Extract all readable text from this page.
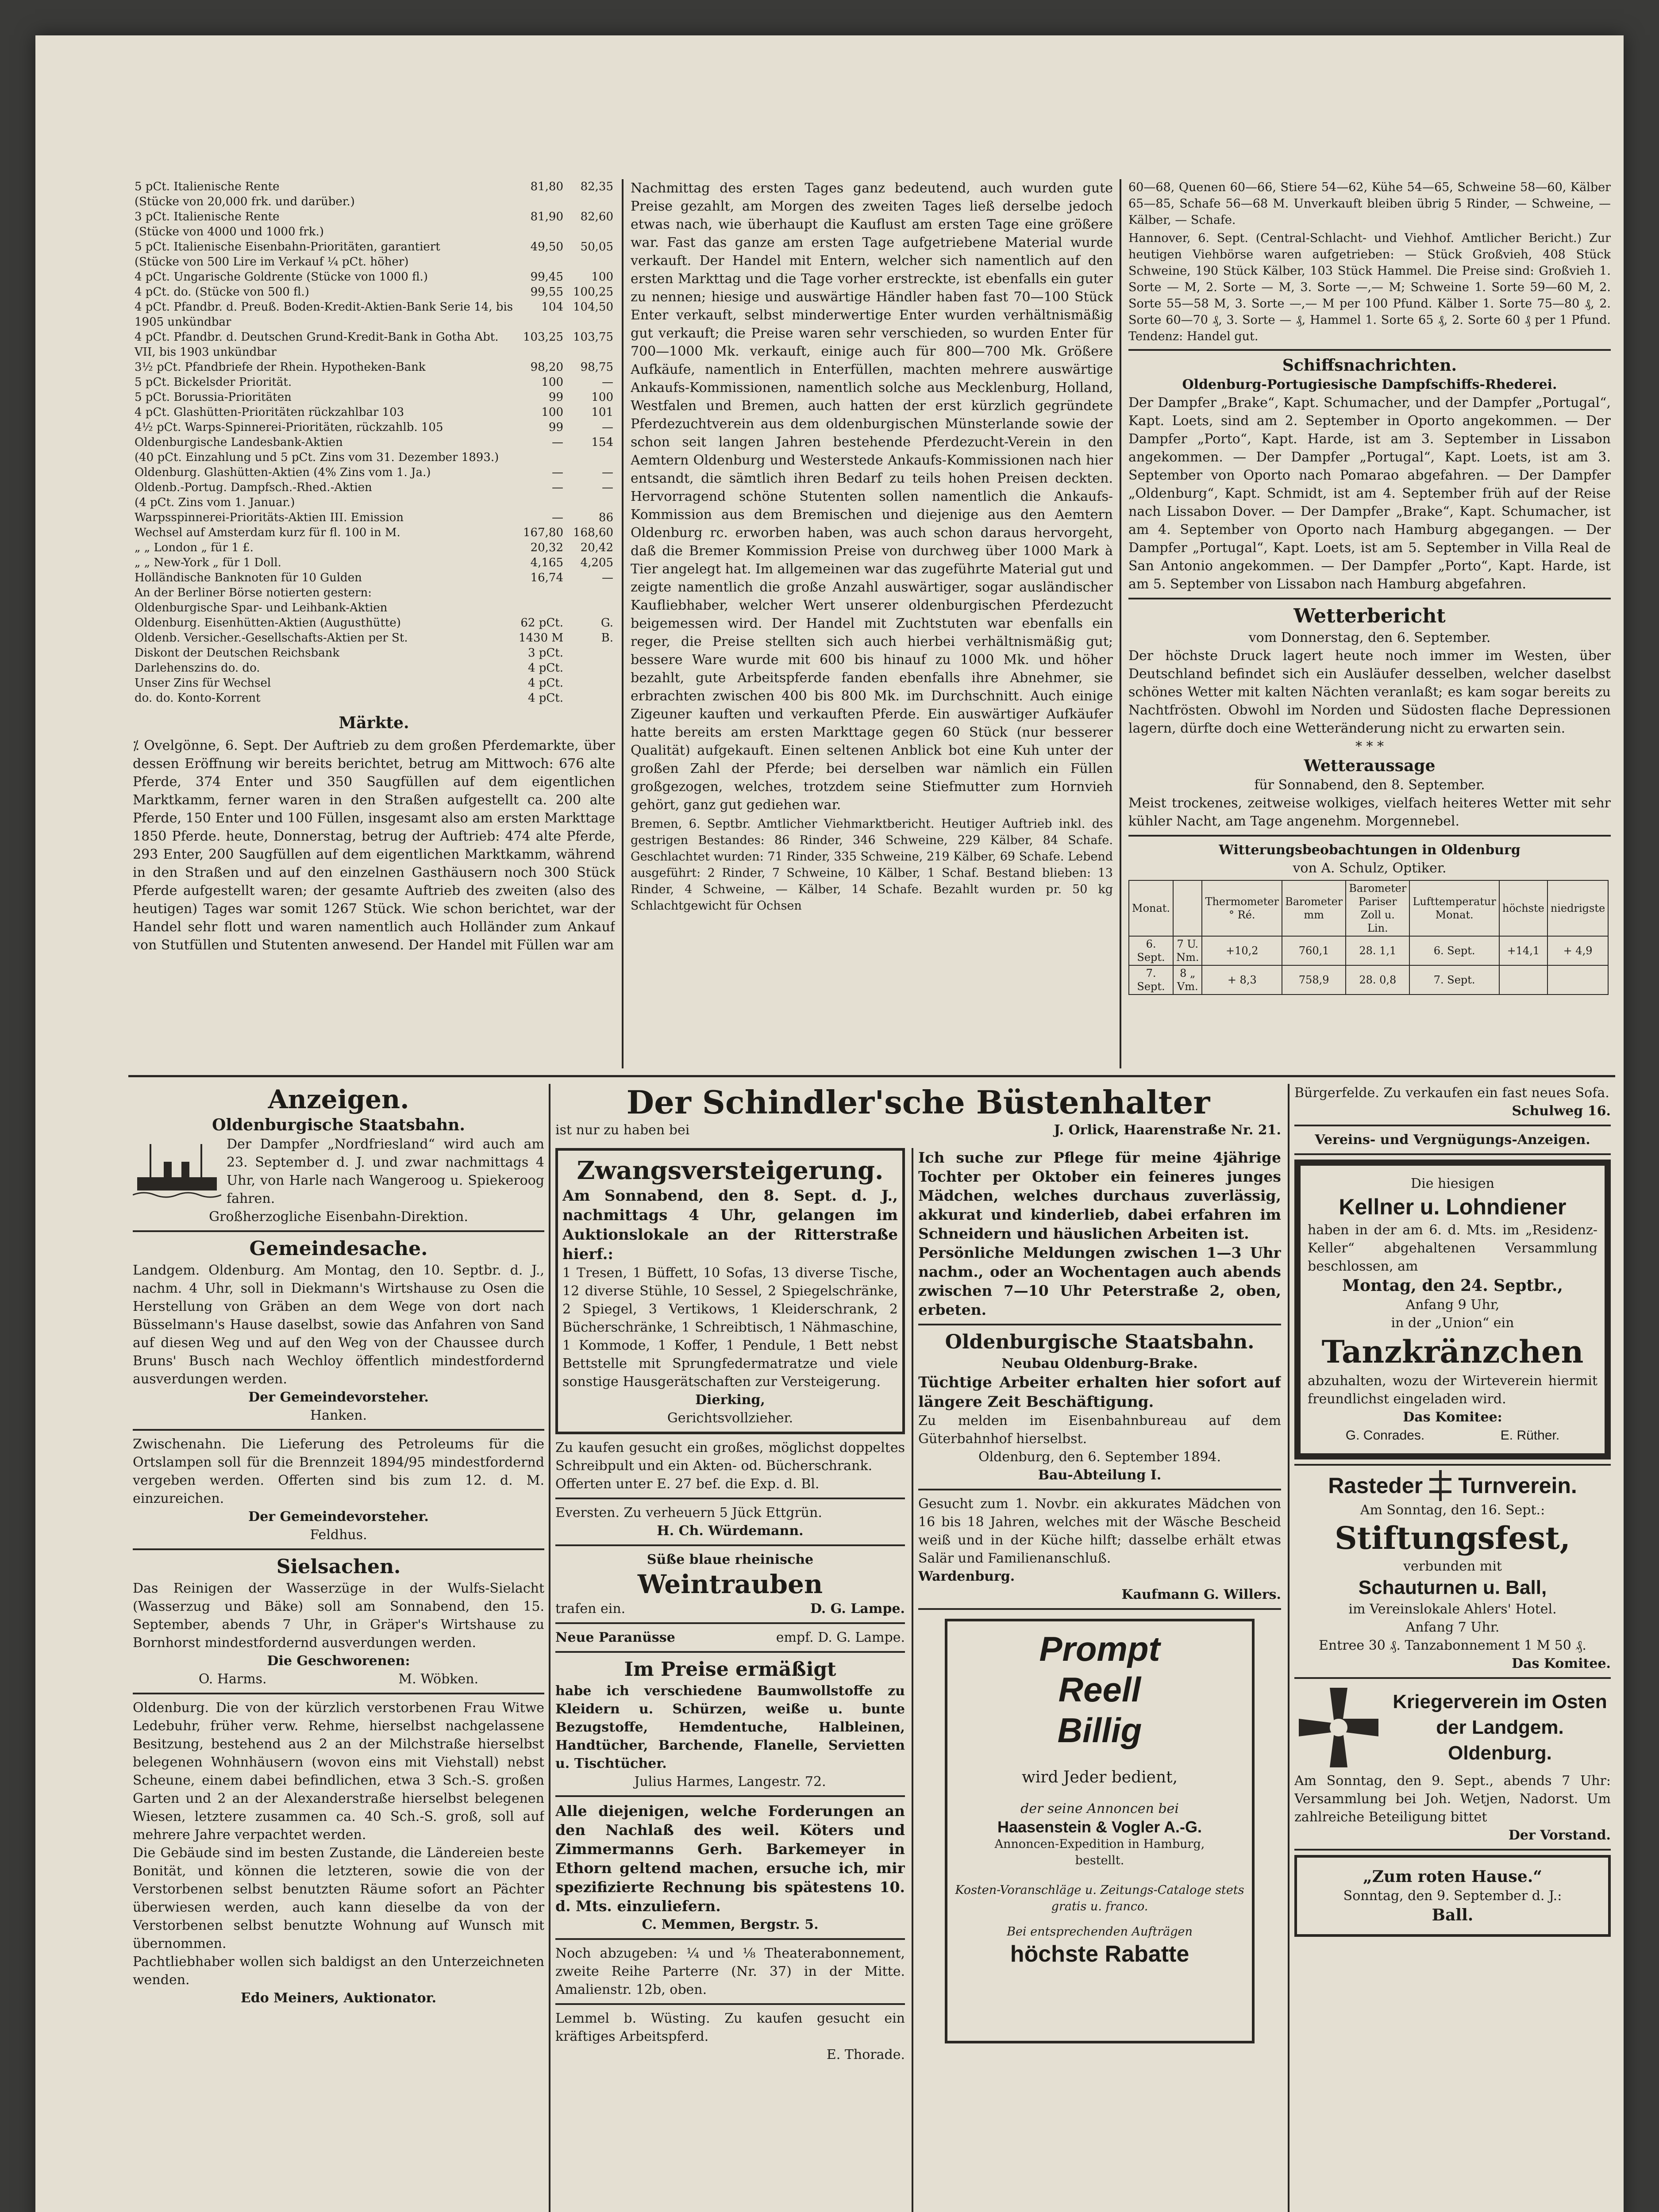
5 pCt. Italienische Rente	81,80	82,35
(Stücke von 20,000 frk. und darüber.)		
3 pCt. Italienische Rente	81,90	82,60
(Stücke von 4000 und 1000 frk.)		
5 pCt. Italienische Eisenbahn-Prioritäten, garantiert	49,50	50,05
(Stücke von 500 Lire im Verkauf ¼ pCt. höher)		
4 pCt. Ungarische Goldrente (Stücke von 1000 fl.)	99,45	100
4 pCt. do. (Stücke von 500 fl.)	99,55	100,25
4 pCt. Pfandbr. d. Preuß. Boden-Kredit-Aktien-Bank Serie 14, bis 1905 unkündbar	104	104,50
4 pCt. Pfandbr. d. Deutschen Grund-Kredit-Bank in Gotha Abt. VII, bis 1903 unkündbar	103,25	103,75
3½ pCt. Pfandbriefe der Rhein. Hypotheken-Bank	98,20	98,75
5 pCt. Bickelsder Priorität.	100	—
5 pCt. Borussia-Prioritäten	99	100
4 pCt. Glashütten-Prioritäten rückzahlbar 103	100	101
4½ pCt. Warps-Spinnerei-Prioritäten, rückzahlb. 105	99	—
Oldenburgische Landesbank-Aktien	—	154
(40 pCt. Einzahlung und 5 pCt. Zins vom 31. Dezember 1893.)		
Oldenburg. Glashütten-Aktien (4% Zins vom 1. Ja.)	—	—
Oldenb.-Portug. Dampfsch.-Rhed.-Aktien	—	—
(4 pCt. Zins vom 1. Januar.)		
Warpsspinnerei-Prioritäts-Aktien III. Emission	—	86
Wechsel auf Amsterdam kurz für fl. 100 in M.	167,80	168,60
„ „ London „ für 1 £.	20,32	20,42
„ „ New-York „ für 1 Doll.	4,165	4,205
Holländische Banknoten für 10 Gulden	16,74	—
An der Berliner Börse notierten gestern:		
Oldenburgische Spar- und Leihbank-Aktien		
Oldenburg. Eisenhütten-Aktien (Augusthütte)	62 pCt.	G.
Oldenb. Versicher.-Gesellschafts-Aktien per St.	1430 M	B.
Diskont der Deutschen Reichsbank	3 pCt.	
Darlehenszins do. do.	4 pCt.	
Unser Zins für Wechsel	4 pCt.	
do. do. Konto-Korrent	4 pCt.	

Märkte.

⁒ Ovelgönne, 6. Sept. Der Auftrieb zu dem großen Pferdemarkte, über dessen Eröffnung wir bereits berichtet, betrug am Mittwoch: 676 alte Pferde, 374 Enter und 350 Saugfüllen auf dem eigentlichen Marktkamm, ferner waren in den Straßen aufgestellt ca. 200 alte Pferde, 150 Enter und 100 Füllen, insgesamt also am ersten Markttage 1850 Pferde. heute, Donnerstag, betrug der Auftrieb: 474 alte Pferde, 293 Enter, 200 Saugfüllen auf dem eigentlichen Marktkamm, während in den Straßen und auf den einzelnen Gasthäusern noch 300 Stück Pferde aufgestellt waren; der gesamte Auftrieb des zweiten (also des heutigen) Tages war somit 1267 Stück. Wie schon berichtet, war der Handel sehr flott und waren namentlich auch Holländer zum Ankauf von Stutfüllen und Stutenten anwesend. Der Handel mit Füllen war am

Nachmittag des ersten Tages ganz bedeutend, auch wurden gute Preise gezahlt, am Morgen des zweiten Tages ließ derselbe jedoch etwas nach, wie überhaupt die Kauflust am ersten Tage eine größere war. Fast das ganze am ersten Tage aufgetriebene Material wurde verkauft. Der Handel mit Entern, welcher sich namentlich auf den ersten Markttag und die Tage vorher erstreckte, ist ebenfalls ein guter zu nennen; hiesige und auswärtige Händler haben fast 70—100 Stück Enter verkauft, selbst minderwertige Enter wurden verhältnismäßig gut verkauft; die Preise waren sehr verschieden, so wurden Enter für 700—1000 Mk. verkauft, einige auch für 800—700 Mk. Größere Aufkäufe, namentlich in Enterfüllen, machten mehrere auswärtige Ankaufs-Kommissionen, namentlich solche aus Mecklenburg, Holland, Westfalen und Bremen, auch hatten der erst kürzlich gegründete Pferdezuchtverein aus dem oldenburgischen Münsterlande sowie der schon seit langen Jahren bestehende Pferdezucht-Verein in den Aemtern Oldenburg und Westerstede Ankaufs-Kommissionen nach hier entsandt, die sämtlich ihren Bedarf zu teils hohen Preisen deckten. Hervorragend schöne Stutenten sollen namentlich die Ankaufs-Kommission aus dem Bremischen und diejenige aus den Aemtern Oldenburg rc. erworben haben, was auch schon daraus hervorgeht, daß die Bremer Kommission Preise von durchweg über 1000 Mark à Tier angelegt hat. Im allgemeinen war das zugeführte Material gut und zeigte namentlich die große Anzahl auswärtiger, sogar ausländischer Kaufliebhaber, welcher Wert unserer oldenburgischen Pferdezucht beigemessen wird. Der Handel mit Zuchtstuten war ebenfalls ein reger, die Preise stellten sich auch hierbei verhältnismäßig gut; bessere Ware wurde mit 600 bis hinauf zu 1000 Mk. und höher bezahlt, gute Arbeitspferde fanden ebenfalls ihre Abnehmer, sie erbrachten zwischen 400 bis 800 Mk. im Durchschnitt. Auch einige Zigeuner kauften und verkauften Pferde. Ein auswärtiger Aufkäufer hatte bereits am ersten Markttage gegen 60 Stück (nur besserer Qualität) aufgekauft. Einen seltenen Anblick bot eine Kuh unter der großen Zahl der Pferde; bei derselben war nämlich ein Füllen großgezogen, welches, trotzdem seine Stiefmutter zum Hornvieh gehört, ganz gut gediehen war.

Bremen, 6. Septbr. Amtlicher Viehmarktbericht. Heutiger Auftrieb inkl. des gestrigen Bestandes: 86 Rinder, 346 Schweine, 229 Kälber, 84 Schafe. Geschlachtet wurden: 71 Rinder, 335 Schweine, 219 Kälber, 69 Schafe. Lebend ausgeführt: 2 Rinder, 7 Schweine, 10 Kälber, 1 Schaf. Bestand blieben: 13 Rinder, 4 Schweine, — Kälber, 14 Schafe. Bezahlt wurden pr. 50 kg Schlachtgewicht für Ochsen

60—68, Quenen 60—66, Stiere 54—62, Kühe 54—65, Schweine 58—60, Kälber 65—85, Schafe 56—68 M. Unverkauft bleiben übrig 5 Rinder, — Schweine, — Kälber, — Schafe.

Hannover, 6. Sept. (Central-Schlacht- und Viehhof. Amtlicher Bericht.) Zur heutigen Viehbörse waren aufgetrieben: — Stück Großvieh, 408 Stück Schweine, 190 Stück Kälber, 103 Stück Hammel. Die Preise sind: Großvieh 1. Sorte — M, 2. Sorte — M, 3. Sorte —,— M; Schweine 1. Sorte 59—60 M, 2. Sorte 55—58 M, 3. Sorte —,— M per 100 Pfund. Kälber 1. Sorte 75—80 ₰, 2. Sorte 60—70 ₰, 3. Sorte — ₰, Hammel 1. Sorte 65 ₰, 2. Sorte 60 ₰ per 1 Pfund. Tendenz: Handel gut.

Schiffsnachrichten.

Oldenburg-Portugiesische Dampfschiffs-Rhederei.

Der Dampfer „Brake“, Kapt. Schumacher, und der Dampfer „Portugal“, Kapt. Loets, sind am 2. September in Oporto angekommen. — Der Dampfer „Porto“, Kapt. Harde, ist am 3. September in Lissabon angekommen. — Der Dampfer „Portugal“, Kapt. Loets, ist am 3. September von Oporto nach Pomarao abgefahren. — Der Dampfer „Oldenburg“, Kapt. Schmidt, ist am 4. September früh auf der Reise nach Lissabon Dover. — Der Dampfer „Brake“, Kapt. Schumacher, ist am 4. September von Oporto nach Hamburg abgegangen. — Der Dampfer „Portugal“, Kapt. Loets, ist am 5. September in Villa Real de San Antonio angekommen. — Der Dampfer „Porto“, Kapt. Harde, ist am 5. September von Lissabon nach Hamburg abgefahren.

Wetterbericht

vom Donnerstag, den 6. September.

Der höchste Druck lagert heute noch immer im Westen, über Deutschland befindet sich ein Ausläufer desselben, welcher daselbst schönes Wetter mit kalten Nächten veranlaßt; es kam sogar bereits zu Nachtfrösten. Obwohl im Norden und Südosten flache Depressionen lagern, dürfte doch eine Wetteränderung nicht zu erwarten sein.

* * *

Wetteraussage

für Sonnabend, den 8. September.

Meist trockenes, zeitweise wolkiges, vielfach heiteres Wetter mit sehr kühler Nacht, am Tage angenehm. Morgennebel.

Witterungsbeobachtungen in Oldenburg

von A. Schulz, Optiker.

Monat.		Thermometer ° Ré.	Barometer mm	Barometer Pariser Zoll u. Lin.	Lufttemperatur Monat.	höchste	niedrigste
6. Sept.	7 U. Nm.	+10,2	760,1	28. 1,1	6. Sept.	+14,1	+ 4,9
7. Sept.	8 „ Vm.	+ 8,3	758,9	28. 0,8	7. Sept.		

Anzeigen.

Oldenburgische Staatsbahn.

Der Dampfer „Nordfriesland“ wird auch am 23. September d. J. und zwar nachmittags 4 Uhr, von Harle nach Wangeroog u. Spiekeroog fahren.

Großherzogliche Eisenbahn-Direktion.

Gemeindesache.

Landgem. Oldenburg. Am Montag, den 10. Septbr. d. J., nachm. 4 Uhr, soll in Diekmann's Wirtshause zu Osen die Herstellung von Gräben an dem Wege von dort nach Büsselmann's Hause daselbst, sowie das Anfahren von Sand auf diesen Weg und auf den Weg von der Chaussee durch Bruns' Busch nach Wechloy öffentlich mindestfordernd ausverdungen werden.

Der Gemeindevorsteher.

Hanken.

Zwischenahn. Die Lieferung des Petroleums für die Ortslampen soll für die Brennzeit 1894/95 mindestfordernd vergeben werden. Offerten sind bis zum 12. d. M. einzureichen.

Der Gemeindevorsteher.

Feldhus.

Sielsachen.

Das Reinigen der Wasserzüge in der Wulfs-Sielacht (Wasserzug und Bäke) soll am Sonnabend, den 15. September, abends 7 Uhr, in Gräper's Wirtshause zu Bornhorst mindestfordernd ausverdungen werden.

Die Geschworenen:

O. Harms.	M. Wöbken.

Oldenburg. Die von der kürzlich verstorbenen Frau Witwe Ledebuhr, früher verw. Rehme, hierselbst nachgelassene Besitzung, bestehend aus 2 an der Milchstraße hierselbst belegenen Wohnhäusern (wovon eins mit Viehstall) nebst Scheune, einem dabei befindlichen, etwa 3 Sch.-S. großen Garten und 2 an der Alexanderstraße hierselbst belegenen Wiesen, letztere zusammen ca. 40 Sch.-S. groß, soll auf mehrere Jahre verpachtet werden.

Die Gebäude sind im besten Zustande, die Ländereien beste Bonität, und können die letzteren, sowie die von der Verstorbenen selbst benutzten Räume sofort an Pächter überwiesen werden, auch kann dieselbe da von der Verstorbenen selbst benutzte Wohnung auf Wunsch mit übernommen.

Pachtliebhaber wollen sich baldigst an den Unterzeichneten wenden.

Edo Meiners, Auktionator.

Der Schindler'sche Büstenhalter

ist nur zu haben bei	J. Orlick, Haarenstraße Nr. 21.

Zwangsversteigerung.

Am Sonnabend, den 8. Sept. d. J., nachmittags 4 Uhr, gelangen im Auktionslokale an der Ritterstraße hierf.:

1 Tresen, 1 Büffett, 10 Sofas, 13 diverse Tische, 12 diverse Stühle, 10 Sessel, 2 Spiegelschränke, 2 Spiegel, 3 Vertikows, 1 Kleiderschrank, 2 Bücherschränke, 1 Schreibtisch, 1 Nähmaschine, 1 Kommode, 1 Koffer, 1 Pendule, 1 Bett nebst Bettstelle mit Sprungfedermatratze und viele sonstige Hausgerätschaften zur Versteigerung.

Dierking,

Gerichtsvollzieher.

Zu kaufen gesucht ein großes, möglichst doppeltes Schreibpult und ein Akten- od. Bücherschrank.

Offerten unter E. 27 bef. die Exp. d. Bl.

Eversten. Zu verheuern 5 Jück Ettgrün.

H. Ch. Würdemann.

Süße blaue rheinische

Weintrauben

trafen ein.	D. G. Lampe.
Neue Paranüsse	empf. D. G. Lampe.

Im Preise ermäßigt

habe ich verschiedene Baumwollstoffe zu Kleidern u. Schürzen, weiße u. bunte Bezugstoffe, Hemdentuche, Halbleinen, Handtücher, Barchende, Flanelle, Servietten u. Tischtücher.

Julius Harmes, Langestr. 72.

Alle diejenigen, welche Forderungen an den Nachlaß des weil. Köters und Zimmermanns Gerh. Barkemeyer in Ethorn geltend machen, ersuche ich, mir spezifizierte Rechnung bis spätestens 10. d. Mts. einzuliefern.

C. Memmen, Bergstr. 5.

Noch abzugeben: ¼ und ⅛ Theaterabonnement, zweite Reihe Parterre (Nr. 37) in der Mitte. Amalienstr. 12b, oben.

Lemmel b. Wüsting. Zu kaufen gesucht ein kräftiges Arbeitspferd.

E. Thorade.

Ich suche zur Pflege für meine 4jährige Tochter per Oktober ein feineres junges Mädchen, welches durchaus zuverlässig, akkurat und kinderlieb, dabei erfahren im Schneidern und häuslichen Arbeiten ist.

Persönliche Meldungen zwischen 1—3 Uhr nachm., oder an Wochentagen auch abends zwischen 7—10 Uhr Peterstraße 2, oben, erbeten.

Oldenburgische Staatsbahn.

Neubau Oldenburg-Brake.

Tüchtige Arbeiter erhalten hier sofort auf längere Zeit Beschäftigung.

Zu melden im Eisenbahnbureau auf dem Güterbahnhof hierselbst.

Oldenburg, den 6. September 1894.

Bau-Abteilung I.

Gesucht zum 1. Novbr. ein akkurates Mädchen von 16 bis 18 Jahren, welches mit der Wäsche Bescheid weiß und in der Küche hilft; dasselbe erhält etwas Salär und Familienanschluß.

Wardenburg.

Kaufmann G. Willers.

Prompt

Reell

Billig

wird Jeder bedient,

der seine Annoncen bei

Haasenstein & Vogler A.-G.

Annoncen-Expedition in Hamburg,

bestellt.

Kosten-Voranschläge u. Zeitungs-Cataloge stets gratis u. franco.

Bei entsprechenden Aufträgen

höchste Rabatte

Bürgerfelde. Zu verkaufen ein fast neues Sofa.

Schulweg 16.

Vereins- und Vergnügungs-Anzeigen.

Die hiesigen

Kellner u. Lohndiener

haben in der am 6. d. Mts. im „Residenz-Keller“ abgehaltenen Versammlung beschlossen, am

Montag, den 24. Septbr.,

Anfang 9 Uhr,

in der „Union“ ein

Tanzkränzchen

abzuhalten, wozu der Wirteverein hiermit freundlichst eingeladen wird.

Das Komitee:

G. Conrades.	E. Rüther.
Rasteder Turnverein.

Am Sonntag, den 16. Sept.:

Stiftungsfest,

verbunden mit

Schauturnen u. Ball,

im Vereinslokale Ahlers' Hotel.

Anfang 7 Uhr.

Entree 30 ₰. Tanzabonnement 1 M 50 ₰.

Das Komitee.

Kriegerverein im Osten der Landgem. Oldenburg.

Am Sonntag, den 9. Sept., abends 7 Uhr: Versammlung bei Joh. Wetjen, Nadorst. Um zahlreiche Beteiligung bittet

Der Vorstand.

„Zum roten Hause.“

Sonntag, den 9. September d. J.:

Ball.
